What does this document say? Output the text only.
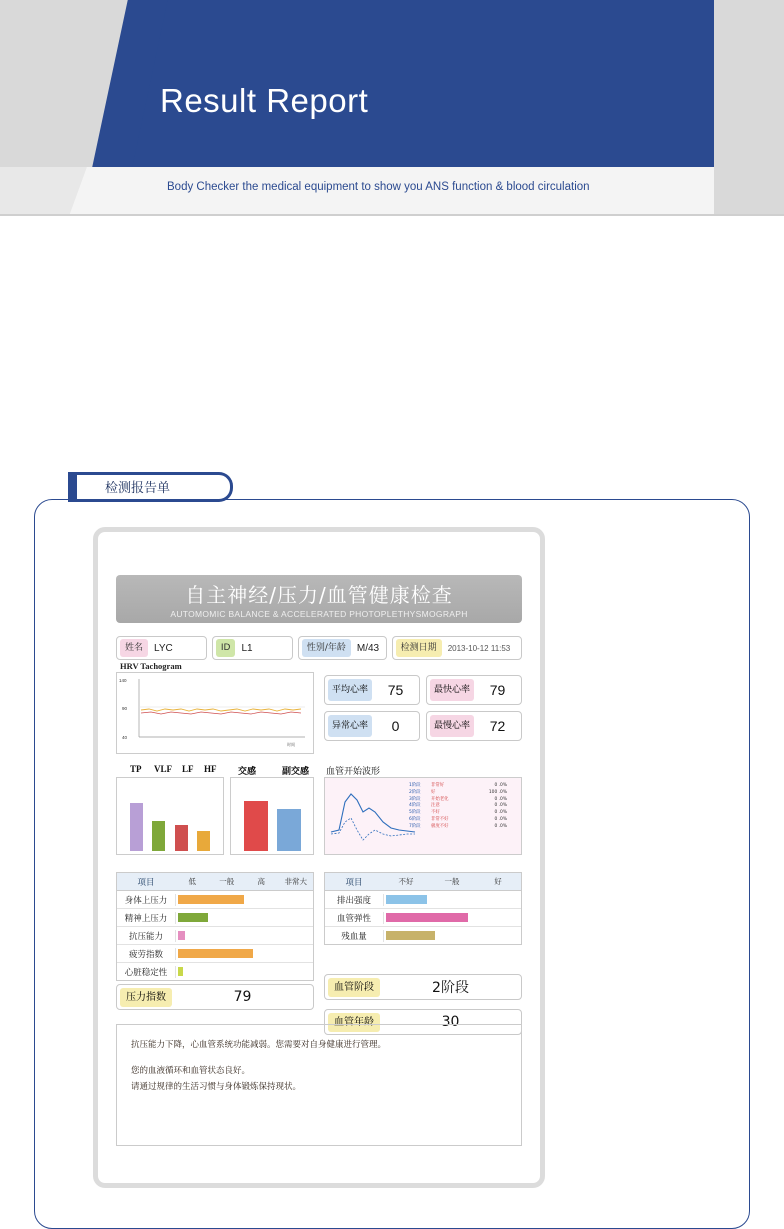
Result Report
Body Checker the medical equipment to show you ANS function & blood circulation
检测报告单
自主神经/压力/血管健康检查
AUTOMOMIC BALANCE & ACCELERATED PHOTOPLETHYSMOGRAPH
姓名	LYC	ID	L1	性别/年龄	M/43	检测日期	2013-10-12 11:53
HRV Tachogram
140
90
40
时间
平均心率	75	最快心率	79
异常心率	0	最慢心率	72
TP VLF LF HF 交感	副交感 血管开始波形
1阶段	非常好	0 .0%
2阶段	好	100 .0%
3阶段	开始老化	0 .0%
4阶段	注意	0 .0%
5阶段	不好	0 .0%
6阶段	非常不好	0 .0%
7阶段	极度不好	0 .0%
项目	低	一般	高	非常大
身体上压力
精神上压力
抗压能力
疲劳指数
心脏稳定性
项目	不好	一般	好
排出强度
血管弹性
残血量
血管阶段	2阶段
压力指数	79
血管年龄	30

抗压能力下降，心血管系统功能减弱。您需要对自身健康进行管理。

您的血液循环和血管状态良好。

请通过规律的生活习惯与身体锻炼保持现状。
